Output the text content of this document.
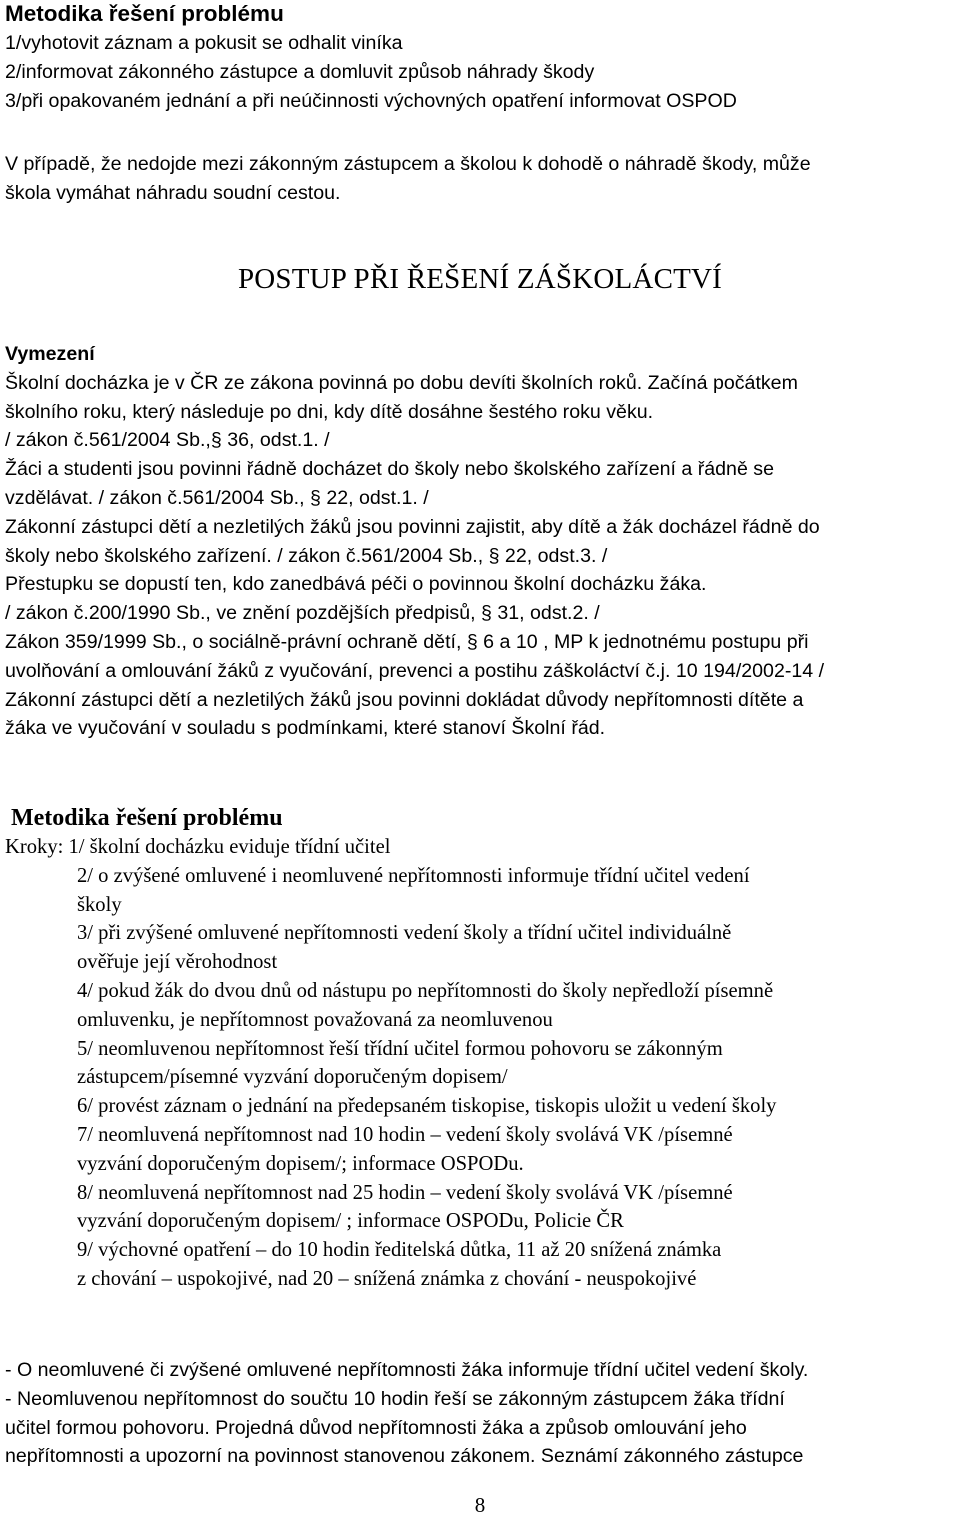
Metodika řešení problému
1/vyhotovit záznam a pokusit se odhalit viníka
2/informovat zákonného zástupce a domluvit způsob náhrady škody
3/při opakovaném jednání a při neúčinnosti výchovných opatření informovat OSPOD
V případě, že nedojde mezi zákonným zástupcem a školou k dohodě o náhradě škody, může
škola vymáhat náhradu soudní cestou.
POSTUP PŘI ŘEŠENÍ ZÁŠKOLÁCTVÍ
Vymezení
Školní docházka je v ČR ze zákona povinná po dobu devíti školních roků. Začíná počátkem
školního roku, který následuje po dni, kdy dítě dosáhne šestého roku věku.
/ zákon č.561/2004 Sb.,§ 36, odst.1. /
Žáci a studenti jsou povinni řádně docházet do školy nebo školského zařízení a řádně se
vzdělávat. / zákon č.561/2004 Sb., § 22, odst.1. /
Zákonní zástupci dětí a nezletilých žáků jsou povinni zajistit, aby dítě a žák docházel řádně do
školy nebo školského zařízení. / zákon č.561/2004 Sb., § 22, odst.3. /
Přestupku se dopustí ten, kdo zanedbává péči o povinnou školní docházku žáka.
/ zákon č.200/1990 Sb., ve znění pozdějších předpisů, § 31, odst.2. /
Zákon 359/1999 Sb., o sociálně-právní ochraně dětí, § 6 a 10 , MP k jednotnému postupu při
uvolňování a omlouvání žáků z vyučování, prevenci a postihu záškoláctví č.j. 10 194/2002-14 /
Zákonní zástupci dětí a nezletilých žáků jsou povinni dokládat důvody nepřítomnosti dítěte a
žáka ve vyučování v souladu s podmínkami, které stanoví Školní řád.
Metodika řešení problému
Kroky: 1/ školní docházku eviduje třídní učitel
2/ o zvýšené omluvené i neomluvené nepřítomnosti informuje třídní učitel vedení
školy
3/ při zvýšené omluvené nepřítomnosti vedení školy a třídní učitel individuálně
ověřuje její věrohodnost
4/ pokud žák do dvou dnů od nástupu po nepřítomnosti do školy nepředloží písemně
omluvenku, je nepřítomnost považovaná za neomluvenou
5/ neomluvenou nepřítomnost řeší třídní učitel formou pohovoru se zákonným
zástupcem/písemné vyzvání doporučeným dopisem/
6/ provést záznam o jednání na předepsaném tiskopise, tiskopis uložit u vedení školy
7/ neomluvená nepřítomnost nad 10 hodin – vedení školy svolává VK /písemné
vyzvání doporučeným dopisem/; informace OSPODu.
8/ neomluvená nepřítomnost nad 25 hodin – vedení školy svolává VK /písemné
vyzvání doporučeným dopisem/ ; informace OSPODu, Policie ČR
9/ výchovné opatření – do 10 hodin ředitelská důtka, 11 až 20 snížená známka
z chování – uspokojivé, nad 20 – snížená známka z chování - neuspokojivé
- O neomluvené či zvýšené omluvené nepřítomnosti žáka informuje třídní učitel vedení školy.
- Neomluvenou nepřítomnost do součtu 10 hodin řeší se zákonným zástupcem žáka třídní
učitel formou pohovoru. Projedná důvod nepřítomnosti žáka a způsob omlouvání jeho
nepřítomnosti a upozorní na povinnost stanovenou zákonem. Seznámí zákonného zástupce
8
